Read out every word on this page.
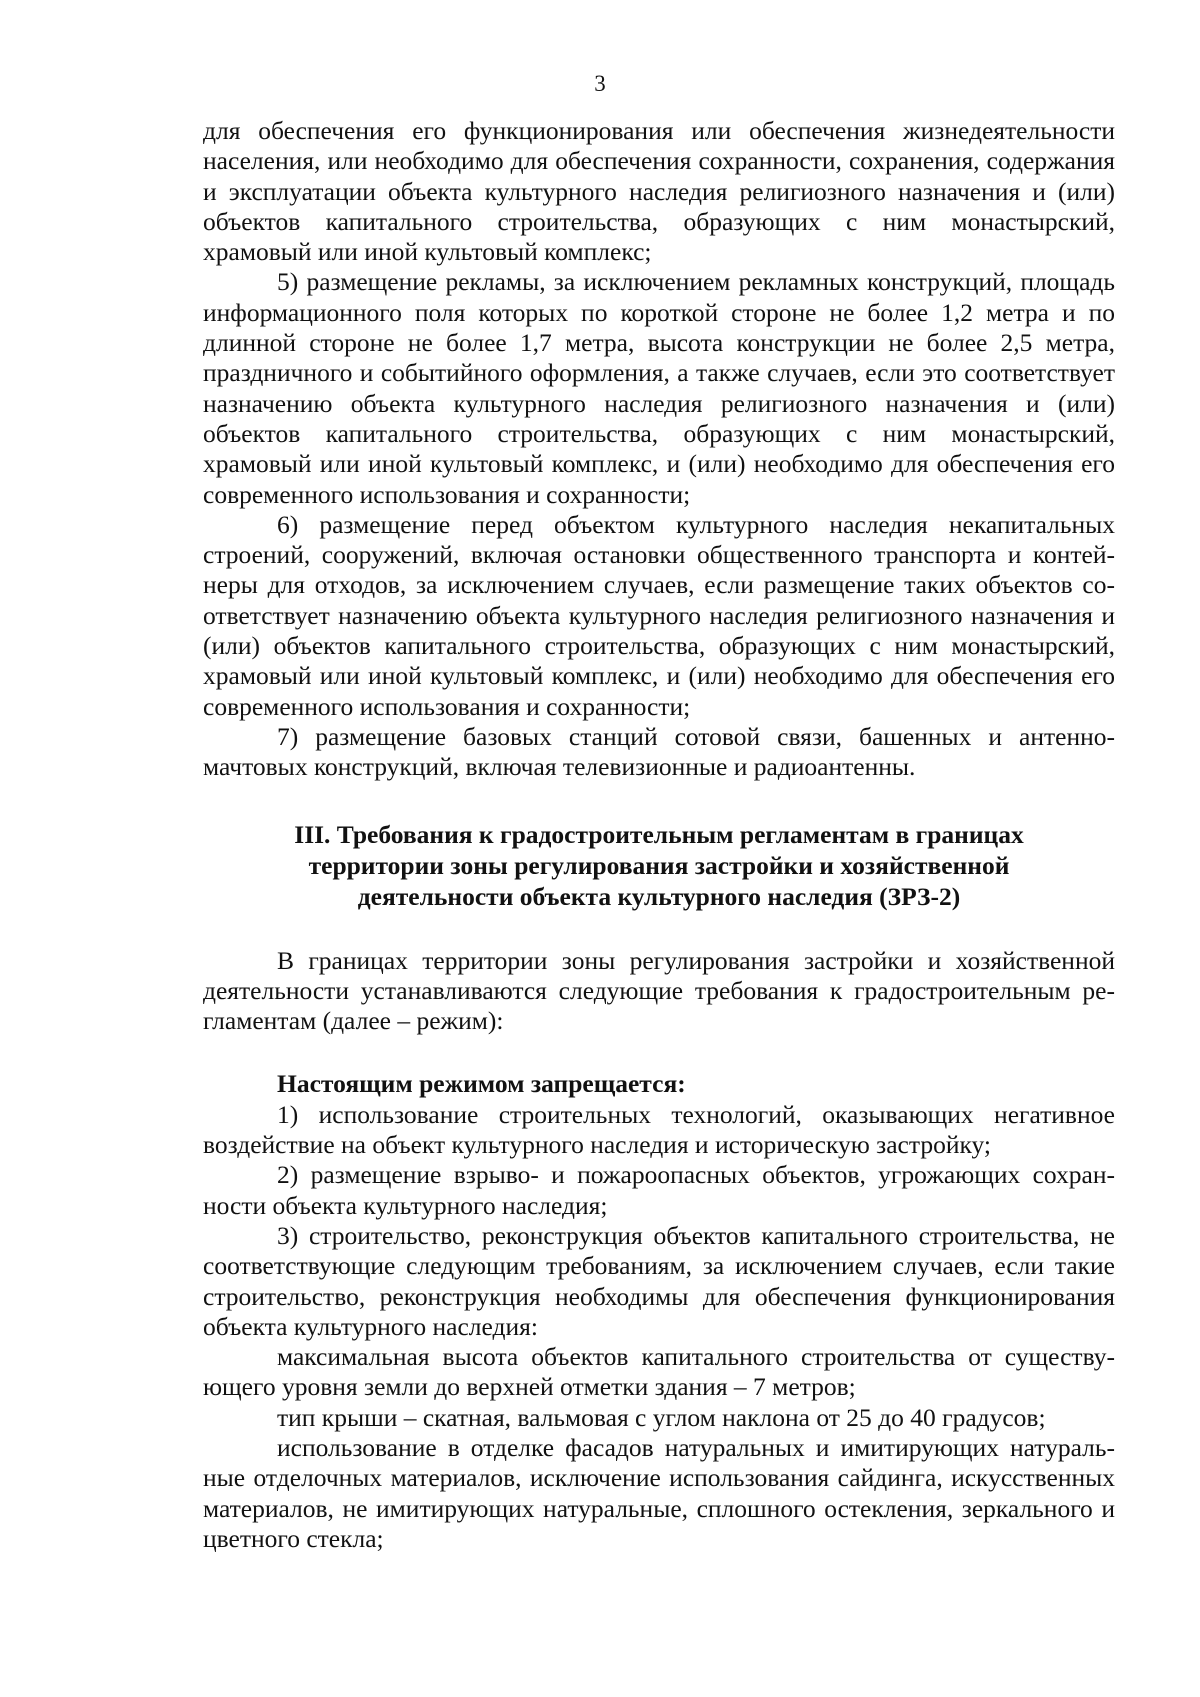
3

для обеспечения его функционирования или обеспечения жизнедеятельности населения, или необходимо для обеспечения сохранности, сохранения, содержания и эксплуатации объекта культурного наследия религиозного назначения и (или) объектов капитального строительства, образующих с ним монастырский, храмовый или иной культовый комплекс;

5) размещение рекламы, за исключением рекламных конструкций, площадь информационного поля которых по короткой стороне не более 1,2 метра и по длинной стороне не более 1,7 метра, высота конструкции не более 2,5 метра, праздничного и событийного оформления, а также случаев, если это соответствует назначению объекта культурного наследия религиозного назначения и (или) объектов капитального строительства, образующих с ним монастырский, храмовый или иной культовый комплекс, и (или) необходимо для обеспечения его современного использования и сохранности;

6) размещение перед объектом культурного наследия некапитальных строений, сооружений, включая остановки общественного транспорта и контейнеры для отходов, за исключением случаев, если размещение таких объектов соответствует назначению объекта культурного наследия религиозного назначения и (или) объектов капитального строительства, образующих с ним монастырский, храмовый или иной культовый комплекс, и (или) необходимо для обеспечения его современного использования и сохранности;

7) размещение базовых станций сотовой связи, башенных и антенно-мачтовых конструкций, включая телевизионные и радиоантенны.

III. Требования к градостроительным регламентам в границах
территории зоны регулирования застройки и хозяйственной
деятельности объекта культурного наследия (ЗРЗ-2)

В границах территории зоны регулирования застройки и хозяйственной деятельности устанавливаются следующие требования к градостроительным регламентам (далее – режим):

Настоящим режимом запрещается:

1) использование строительных технологий, оказывающих негативное воздействие на объект культурного наследия и историческую застройку;

2) размещение взрыво- и пожароопасных объектов, угрожающих сохранности объекта культурного наследия;

3) строительство, реконструкция объектов капитального строительства, не соответствующие следующим требованиям, за исключением случаев, если такие строительство, реконструкция необходимы для обеспечения функционирования объекта культурного наследия:

максимальная высота объектов капитального строительства от существующего уровня земли до верхней отметки здания – 7 метров;

тип крыши – скатная, вальмовая с углом наклона от 25 до 40 градусов;

использование в отделке фасадов натуральных и имитирующих натуральные отделочных материалов, исключение использования сайдинга, искусственных материалов, не имитирующих натуральные, сплошного остекления, зеркального и цветного стекла;
